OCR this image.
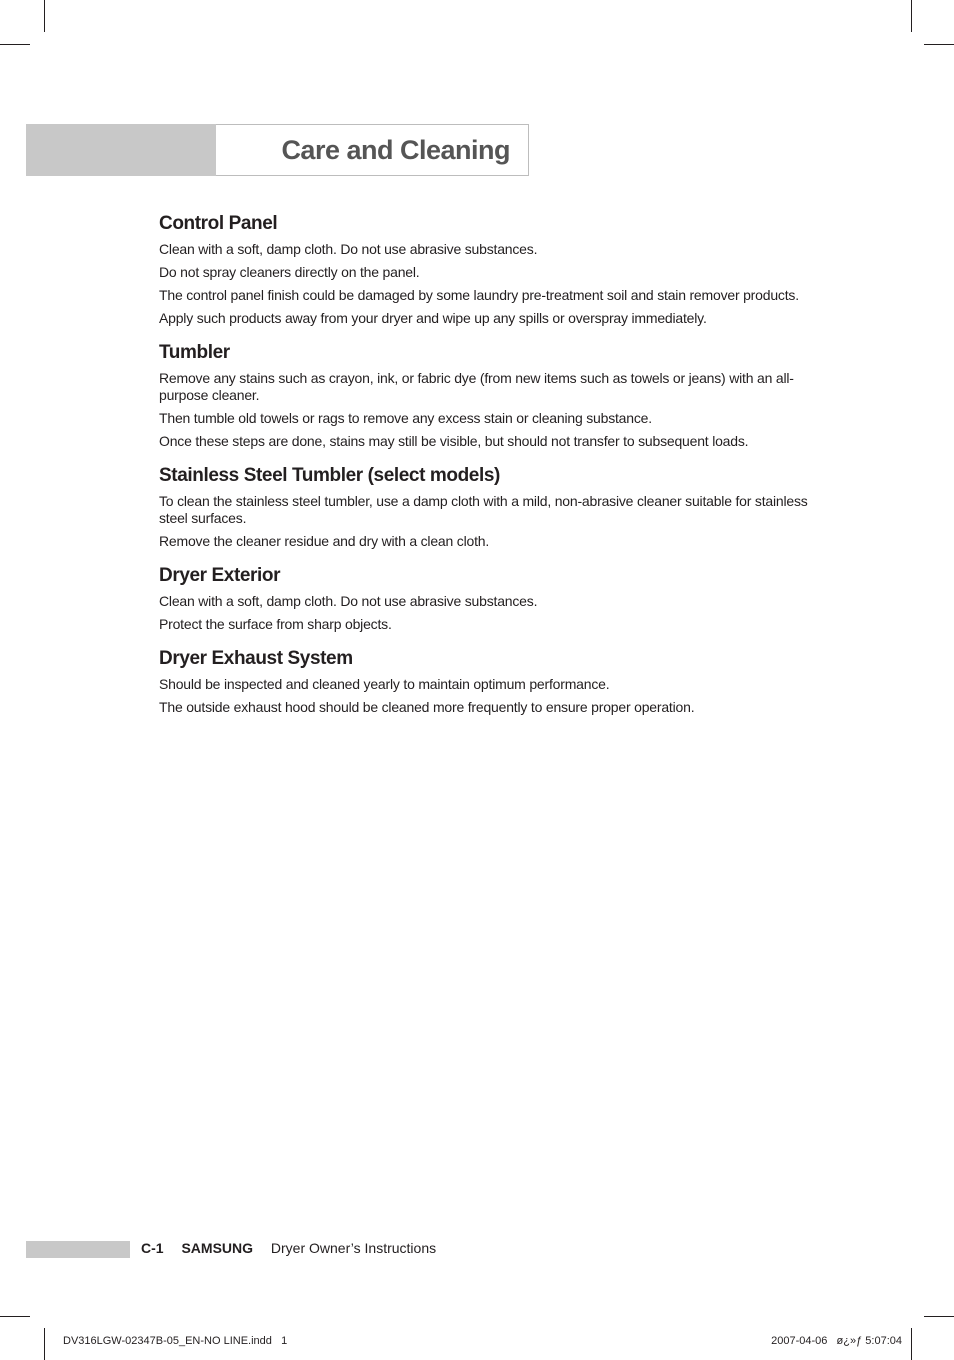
Care and Cleaning
Control Panel

Clean with a soft, damp cloth. Do not use abrasive substances.

Do not spray cleaners directly on the panel.

The control panel finish could be damaged by some laundry pre-treatment soil and stain remover products.

Apply such products away from your dryer and wipe up any spills or overspray immediately.

Tumbler

Remove any stains such as crayon, ink, or fabric dye (from new items such as towels or jeans) with an all-purpose cleaner.

Then tumble old towels or rags to remove any excess stain or cleaning substance.

Once these steps are done, stains may still be visible, but should not transfer to subsequent loads.

Stainless Steel Tumbler (select models)

To clean the stainless steel tumbler, use a damp cloth with a mild, non-abrasive cleaner suitable for stainless steel surfaces.

Remove the cleaner residue and dry with a clean cloth.

Dryer Exterior

Clean with a soft, damp cloth. Do not use abrasive substances.

Protect the surface from sharp objects.

Dryer Exhaust System

Should be inspected and cleaned yearly to maintain optimum performance.

The outside exhaust hood should be cleaned more frequently to ensure proper operation.

C-1 SAMSUNG Dryer Owner’s Instructions
DV316LGW-02347B-05_EN-NO LINE.indd   1	2007-04-06   ø¿»ƒ 5:07:04
